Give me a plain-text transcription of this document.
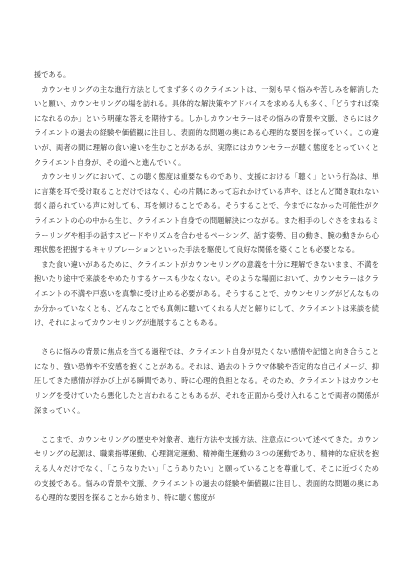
援である。

カウンセリングの主な進行方法としてまず多くのクライエントは、一刻も早く悩みや苦しみを解消したいと願い、カウンセリングの場を訪れる。具体的な解決策やアドバイスを求める人も多く、「どうすれば楽になれるのか」という明確な答えを期待する。しかしカウンセラーはその悩みの背景や文脈、さらにはクライエントの過去の経験や価値観に注目し、表面的な問題の奥にある心理的な要因を探っていく。この違いが、両者の間に理解の食い違いを生むことがあるが、実際にはカウンセラーが聴く態度をとっていくとクライエント自身が、その道へと進んでいく。

カウンセリングにおいて、この聴く態度は重要なものであり、支援における「聴く」という行為は、単に言葉を耳で受け取ることだけではなく、心の片隅にあって忘れかけている声や、ほとんど聞き取れない弱く語られている声に対しても、耳を傾けることである。そうすることで、今までになかった可能性がクライエントの心の中から生じ、クライエント自身での問題解決につながる。また相手のしぐさをまねるミラーリングや相手の話すスピードやリズムを合わせるペーシング、話す姿勢、目の動き、腕の動きから心理状態を把握するキャリブレーションといった手法を駆使して良好な関係を築くことも必要となる。

また食い違いがあるために、クライエントがカウンセリングの意義を十分に理解できないまま、不満を抱いたり途中で来談をやめたりするケースも少なくない。そのような場面において、カウンセラーはクライエントの不満や戸惑いを真摯に受け止める必要がある。そうすることで、カウンセリングがどんなものか分かっていなくとも、どんなことでも真剣に聴いてくれる人だと解りにして、クライエントは来談を続け、それによってカウンセリングが進展することもある。

さらに悩みの背景に焦点を当てる過程では、クライエント自身が見たくない感情や記憶と向き合うことになり、強い恐怖や不安感を抱くことがある。それは、過去のトラウマ体験や否定的な自己イメージ、抑圧してきた感情が浮かび上がる瞬間であり、時に心理的負担となる。そのため、クライエントはカウンセリングを受けていたら悪化したと言われることもあるが、それを正面から受け入れることで両者の関係が深まっていく。

ここまで、カウンセリングの歴史や対象者、進行方法や支援方法、注意点について述べてきた。カウンセリングの起源は、職業指導運動、心理測定運動、精神衛生運動の３つの運動であり、精神的な症状を抱える人々だけでなく、「こうなりたい」「こうありたい」と願っていることを尊重して、そこに近づくための支援である。悩みの背景や文脈、クライエントの過去の経験や価値観に注目し、表面的な問題の奥にある心理的な要因を探ることから始まり、特に聴く態度が
